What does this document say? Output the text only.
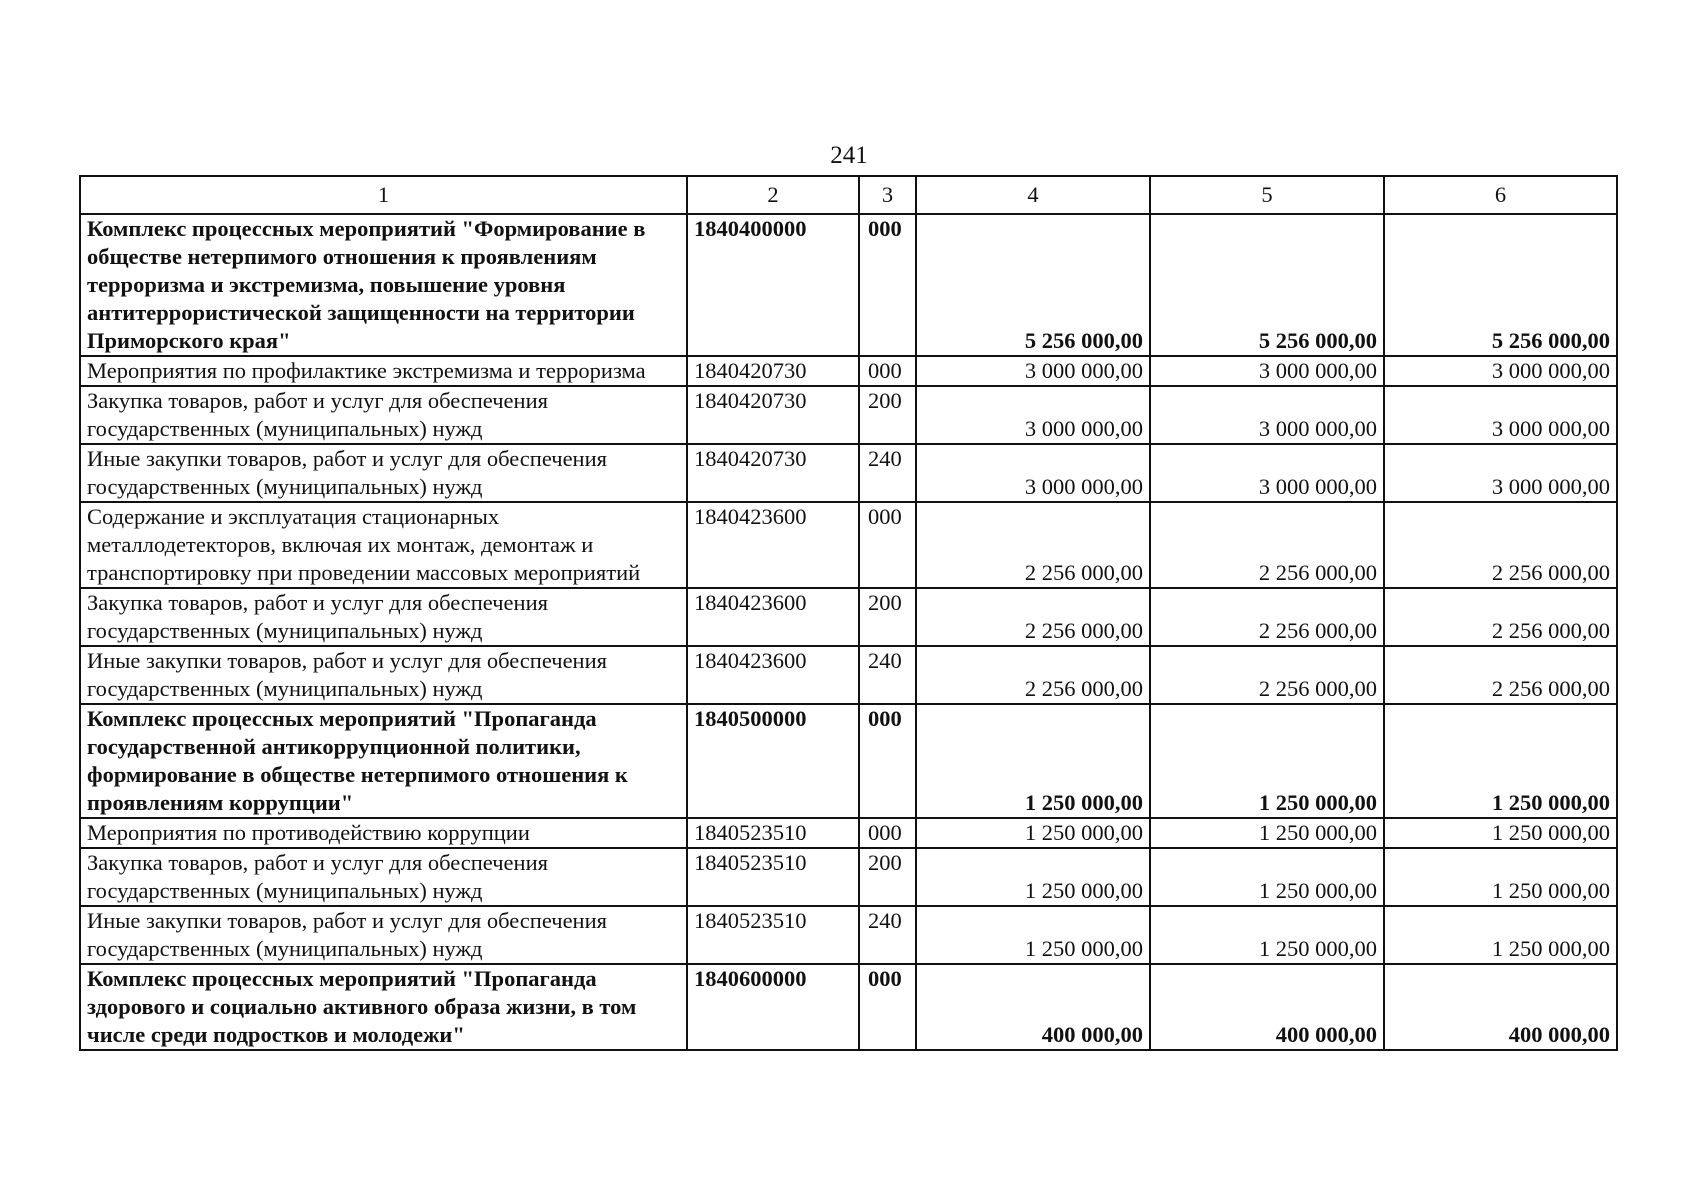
241
1	2	3	4	5	6
Комплекс процессных мероприятий "Формирование в обществе нетерпимого отношения к проявлениям терроризма и экстремизма, повышение уровня антитеррористической защищенности на территории Приморского края"	1840400000	000	5 256 000,00	5 256 000,00	5 256 000,00
Мероприятия по профилактике экстремизма и терроризма	1840420730	000	3 000 000,00	3 000 000,00	3 000 000,00
Закупка товаров, работ и услуг для обеспечения государственных (муниципальных) нужд	1840420730	200	3 000 000,00	3 000 000,00	3 000 000,00
Иные закупки товаров, работ и услуг для обеспечения государственных (муниципальных) нужд	1840420730	240	3 000 000,00	3 000 000,00	3 000 000,00
Содержание и эксплуатация стационарных металлодетекторов, включая их монтаж, демонтаж и транспортировку при проведении массовых мероприятий	1840423600	000	2 256 000,00	2 256 000,00	2 256 000,00
Закупка товаров, работ и услуг для обеспечения государственных (муниципальных) нужд	1840423600	200	2 256 000,00	2 256 000,00	2 256 000,00
Иные закупки товаров, работ и услуг для обеспечения государственных (муниципальных) нужд	1840423600	240	2 256 000,00	2 256 000,00	2 256 000,00
Комплекс процессных мероприятий "Пропаганда государственной антикоррупционной политики, формирование в обществе нетерпимого отношения к проявлениям коррупции"	1840500000	000	1 250 000,00	1 250 000,00	1 250 000,00
Мероприятия по противодействию коррупции	1840523510	000	1 250 000,00	1 250 000,00	1 250 000,00
Закупка товаров, работ и услуг для обеспечения государственных (муниципальных) нужд	1840523510	200	1 250 000,00	1 250 000,00	1 250 000,00
Иные закупки товаров, работ и услуг для обеспечения государственных (муниципальных) нужд	1840523510	240	1 250 000,00	1 250 000,00	1 250 000,00
Комплекс процессных мероприятий "Пропаганда здорового и социально активного образа жизни, в том числе среди подростков и молодежи"	1840600000	000	400 000,00	400 000,00	400 000,00
